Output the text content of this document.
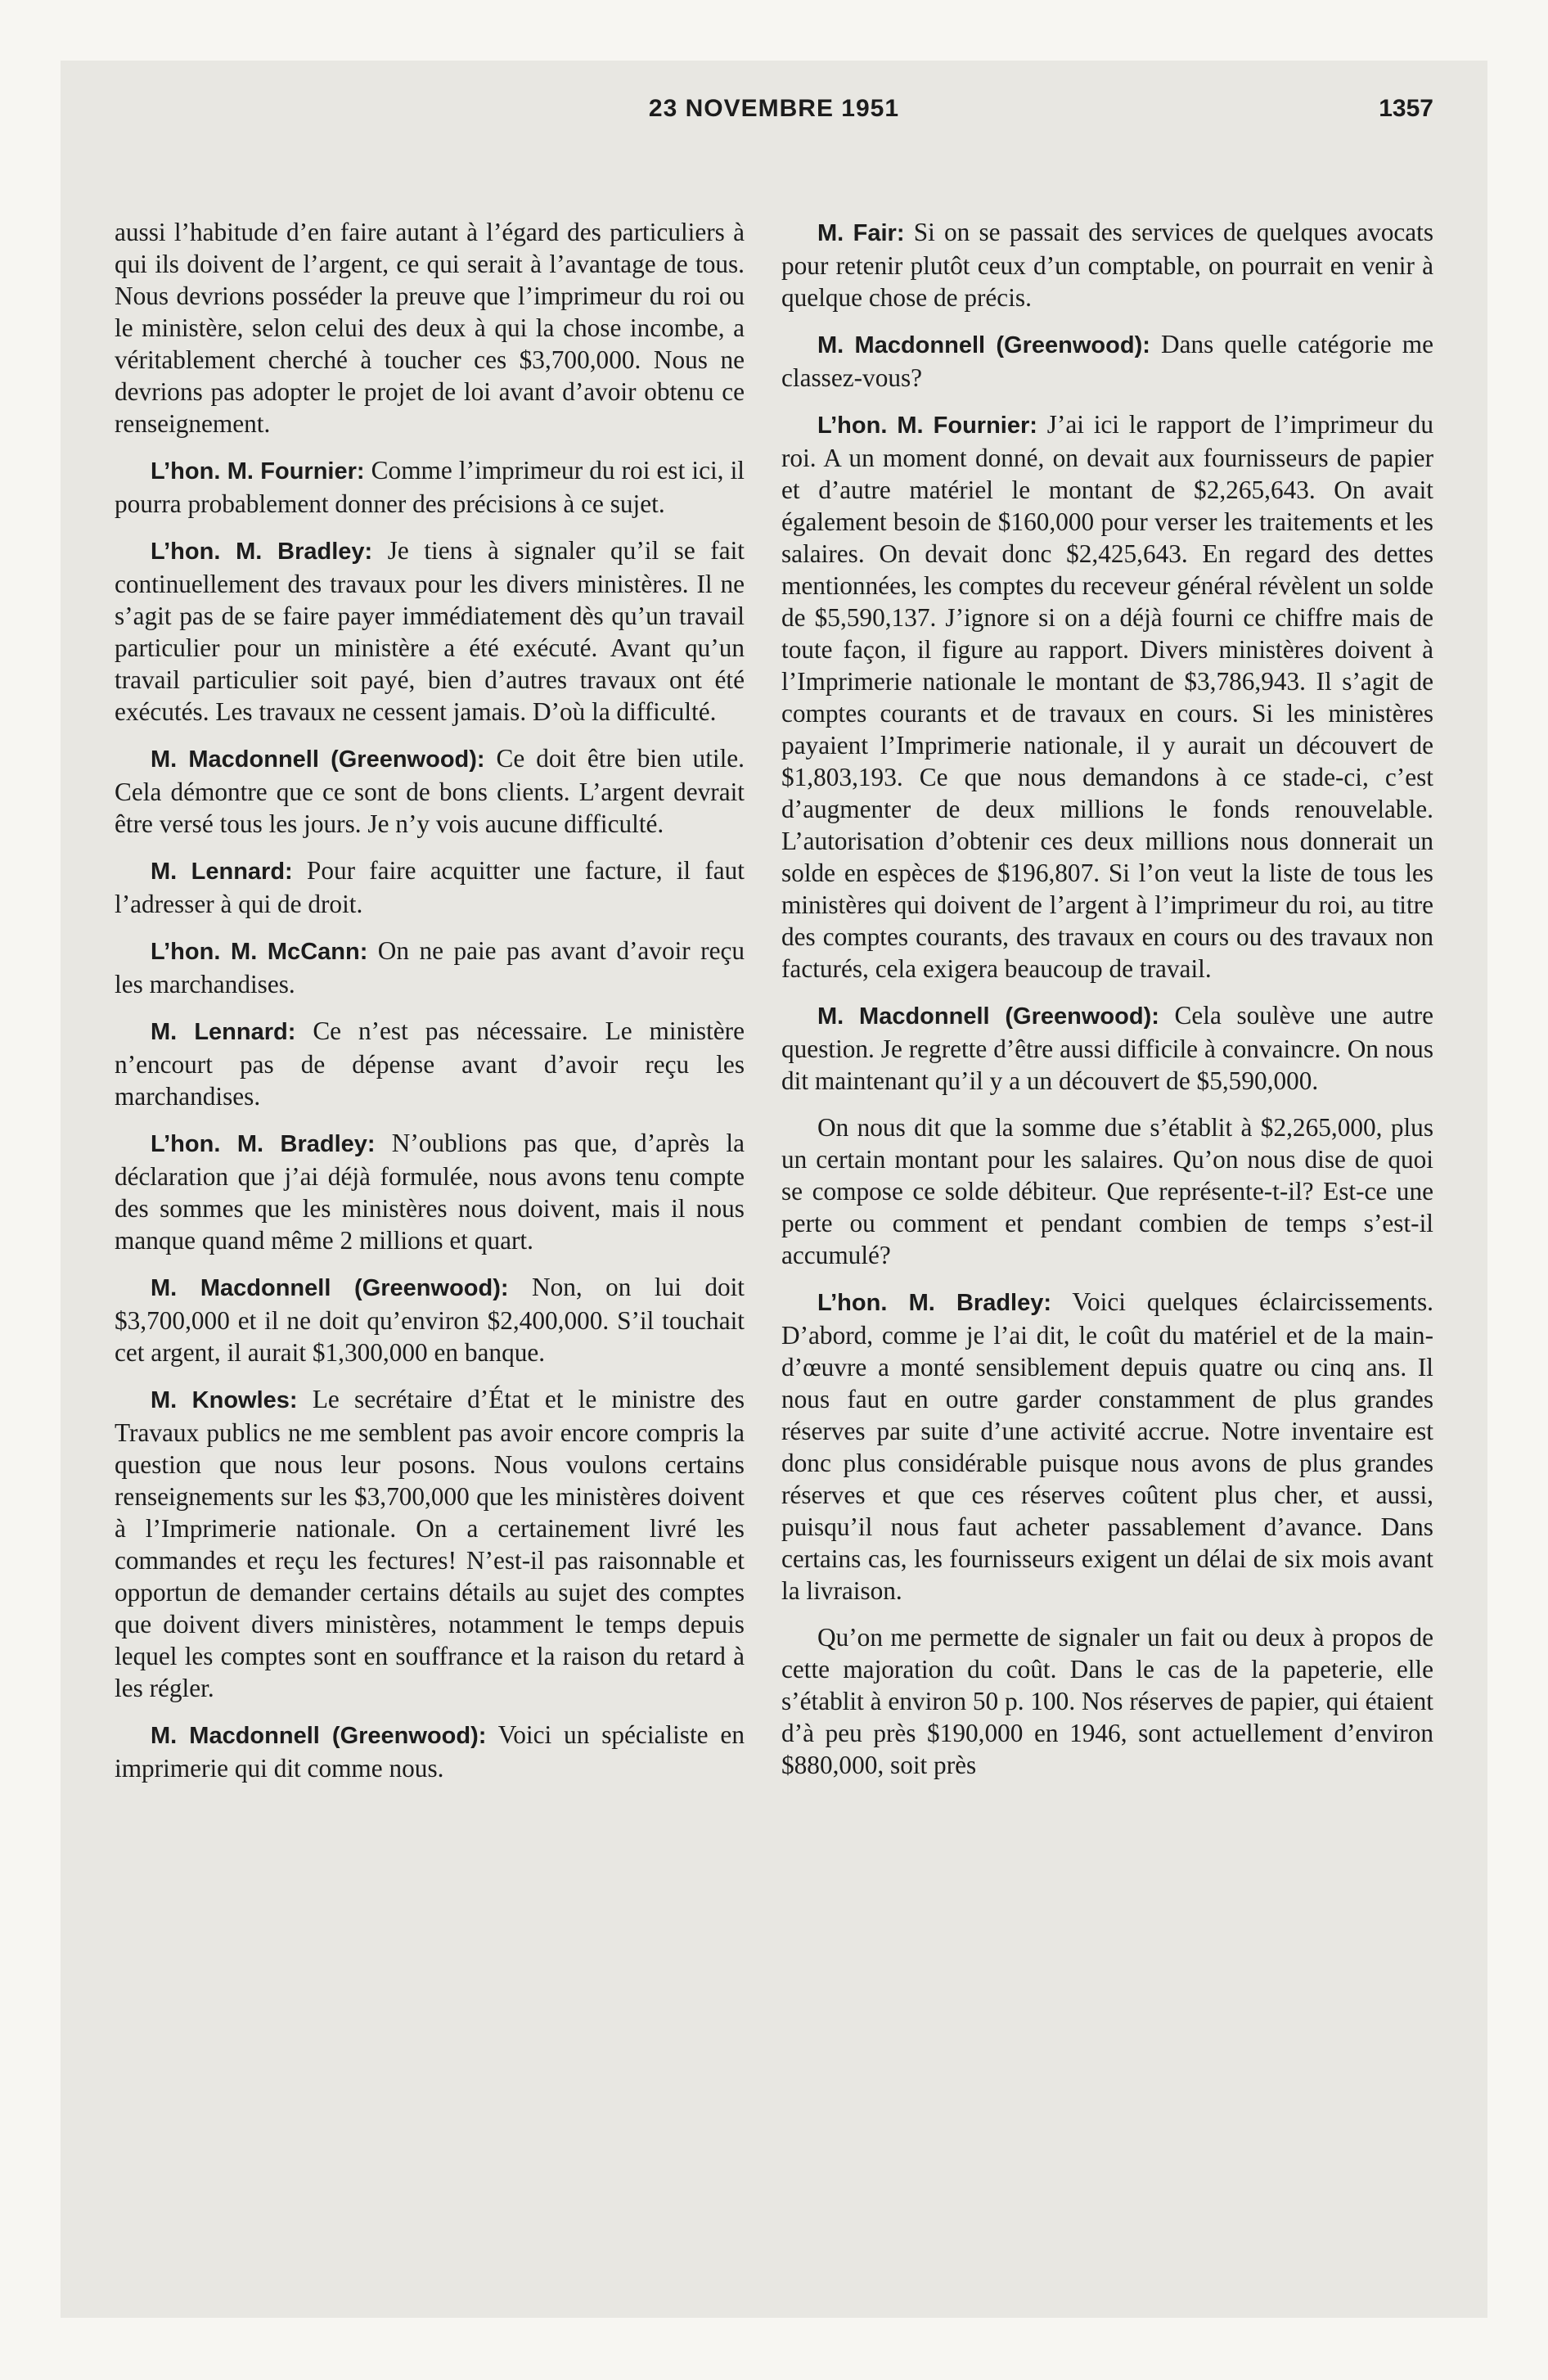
23 NOVEMBRE 1951	1357

aussi l’habitude d’en faire autant à l’égard des particuliers à qui ils doivent de l’argent, ce qui serait à l’avantage de tous. Nous devrions posséder la preuve que l’imprimeur du roi ou le ministère, selon celui des deux à qui la chose incombe, a véritablement cherché à toucher ces $3,700,000. Nous ne devrions pas adopter le projet de loi avant d’avoir obtenu ce renseignement.

L’hon. M. Fournier: Comme l’imprimeur du roi est ici, il pourra probablement donner des précisions à ce sujet.

L’hon. M. Bradley: Je tiens à signaler qu’il se fait continuellement des travaux pour les divers ministères. Il ne s’agit pas de se faire payer immédiatement dès qu’un travail particulier pour un ministère a été exécuté. Avant qu’un travail particulier soit payé, bien d’autres travaux ont été exécutés. Les travaux ne cessent jamais. D’où la difficulté.

M. Macdonnell (Greenwood): Ce doit être bien utile. Cela démontre que ce sont de bons clients. L’argent devrait être versé tous les jours. Je n’y vois aucune difficulté.

M. Lennard: Pour faire acquitter une facture, il faut l’adresser à qui de droit.

L’hon. M. McCann: On ne paie pas avant d’avoir reçu les marchandises.

M. Lennard: Ce n’est pas nécessaire. Le ministère n’encourt pas de dépense avant d’avoir reçu les marchandises.

L’hon. M. Bradley: N’oublions pas que, d’après la déclaration que j’ai déjà formulée, nous avons tenu compte des sommes que les ministères nous doivent, mais il nous manque quand même 2 millions et quart.

M. Macdonnell (Greenwood): Non, on lui doit $3,700,000 et il ne doit qu’environ $2,400,000. S’il touchait cet argent, il aurait $1,300,000 en banque.

M. Knowles: Le secrétaire d’État et le ministre des Travaux publics ne me semblent pas avoir encore compris la question que nous leur posons. Nous voulons certains renseignements sur les $3,700,000 que les ministères doivent à l’Imprimerie nationale. On a certainement livré les commandes et reçu les fectures! N’est-il pas raisonnable et opportun de demander certains détails au sujet des comptes que doivent divers ministères, notamment le temps depuis lequel les comptes sont en souffrance et la raison du retard à les régler.

M. Macdonnell (Greenwood): Voici un spécialiste en imprimerie qui dit comme nous.

M. Fair: Si on se passait des services de quelques avocats pour retenir plutôt ceux d’un comptable, on pourrait en venir à quelque chose de précis.

M. Macdonnell (Greenwood): Dans quelle catégorie me classez-vous?

L’hon. M. Fournier: J’ai ici le rapport de l’imprimeur du roi. A un moment donné, on devait aux fournisseurs de papier et d’autre matériel le montant de $2,265,643. On avait également besoin de $160,000 pour verser les traitements et les salaires. On devait donc $2,425,643. En regard des dettes mentionnées, les comptes du receveur général révèlent un solde de $5,590,137. J’ignore si on a déjà fourni ce chiffre mais de toute façon, il figure au rapport. Divers ministères doivent à l’Imprimerie nationale le montant de $3,786,943. Il s’agit de comptes courants et de travaux en cours. Si les ministères payaient l’Imprimerie nationale, il y aurait un découvert de $1,803,193. Ce que nous demandons à ce stade-ci, c’est d’augmenter de deux millions le fonds renouvelable. L’autorisation d’obtenir ces deux millions nous donnerait un solde en espèces de $196,807. Si l’on veut la liste de tous les ministères qui doivent de l’argent à l’imprimeur du roi, au titre des comptes courants, des travaux en cours ou des travaux non facturés, cela exigera beaucoup de travail.

M. Macdonnell (Greenwood): Cela soulève une autre question. Je regrette d’être aussi difficile à convaincre. On nous dit maintenant qu’il y a un découvert de $5,590,000.

On nous dit que la somme due s’établit à $2,265,000, plus un certain montant pour les salaires. Qu’on nous dise de quoi se compose ce solde débiteur. Que représente-t-il? Est-ce une perte ou comment et pendant combien de temps s’est-il accumulé?

L’hon. M. Bradley: Voici quelques éclaircissements. D’abord, comme je l’ai dit, le coût du matériel et de la main-d’œuvre a monté sensiblement depuis quatre ou cinq ans. Il nous faut en outre garder constamment de plus grandes réserves par suite d’une activité accrue. Notre inventaire est donc plus considérable puisque nous avons de plus grandes réserves et que ces réserves coûtent plus cher, et aussi, puisqu’il nous faut acheter passablement d’avance. Dans certains cas, les fournisseurs exigent un délai de six mois avant la livraison.

Qu’on me permette de signaler un fait ou deux à propos de cette majoration du coût. Dans le cas de la papeterie, elle s’établit à environ 50 p. 100. Nos réserves de papier, qui étaient d’à peu près $190,000 en 1946, sont actuellement d’environ $880,000, soit près
